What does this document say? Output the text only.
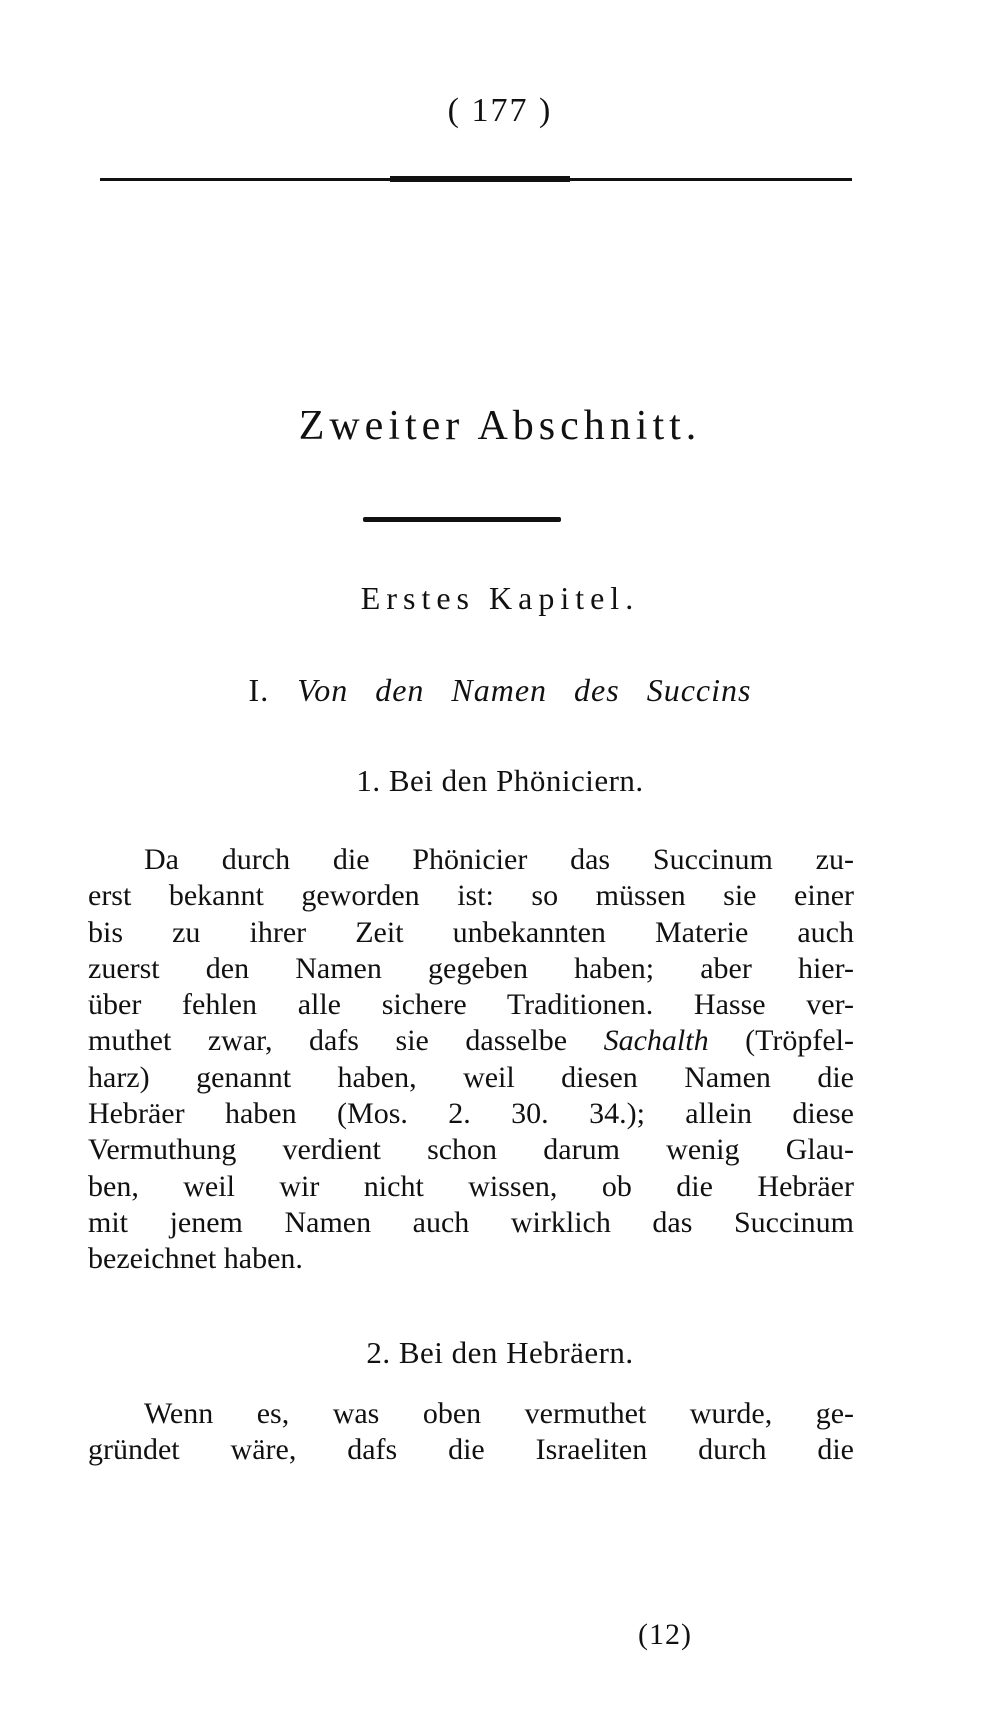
( 177 )
Zweiter Abschnitt.
Erstes Kapitel.
I. Von den Namen des Succins
1. Bei den Phöniciern.
Da durch die Phönicier das Succinum zu-
erst bekannt geworden ist: so müssen sie einer
bis zu ihrer Zeit unbekannten Materie auch
zuerst den Namen gegeben haben; aber hier-
über fehlen alle sichere Traditionen. Hasse ver-
muthet zwar, dafs sie dasselbe Sachalth (Tröpfel-
harz) genannt haben, weil diesen Namen die
Hebräer haben (Mos. 2. 30. 34.); allein diese
Vermuthung verdient schon darum wenig Glau-
ben, weil wir nicht wissen, ob die Hebräer
mit jenem Namen auch wirklich das Succinum
bezeichnet haben.
2. Bei den Hebräern.
Wenn es, was oben vermuthet wurde, ge-
gründet wäre, dafs die Israeliten durch die
(12)
